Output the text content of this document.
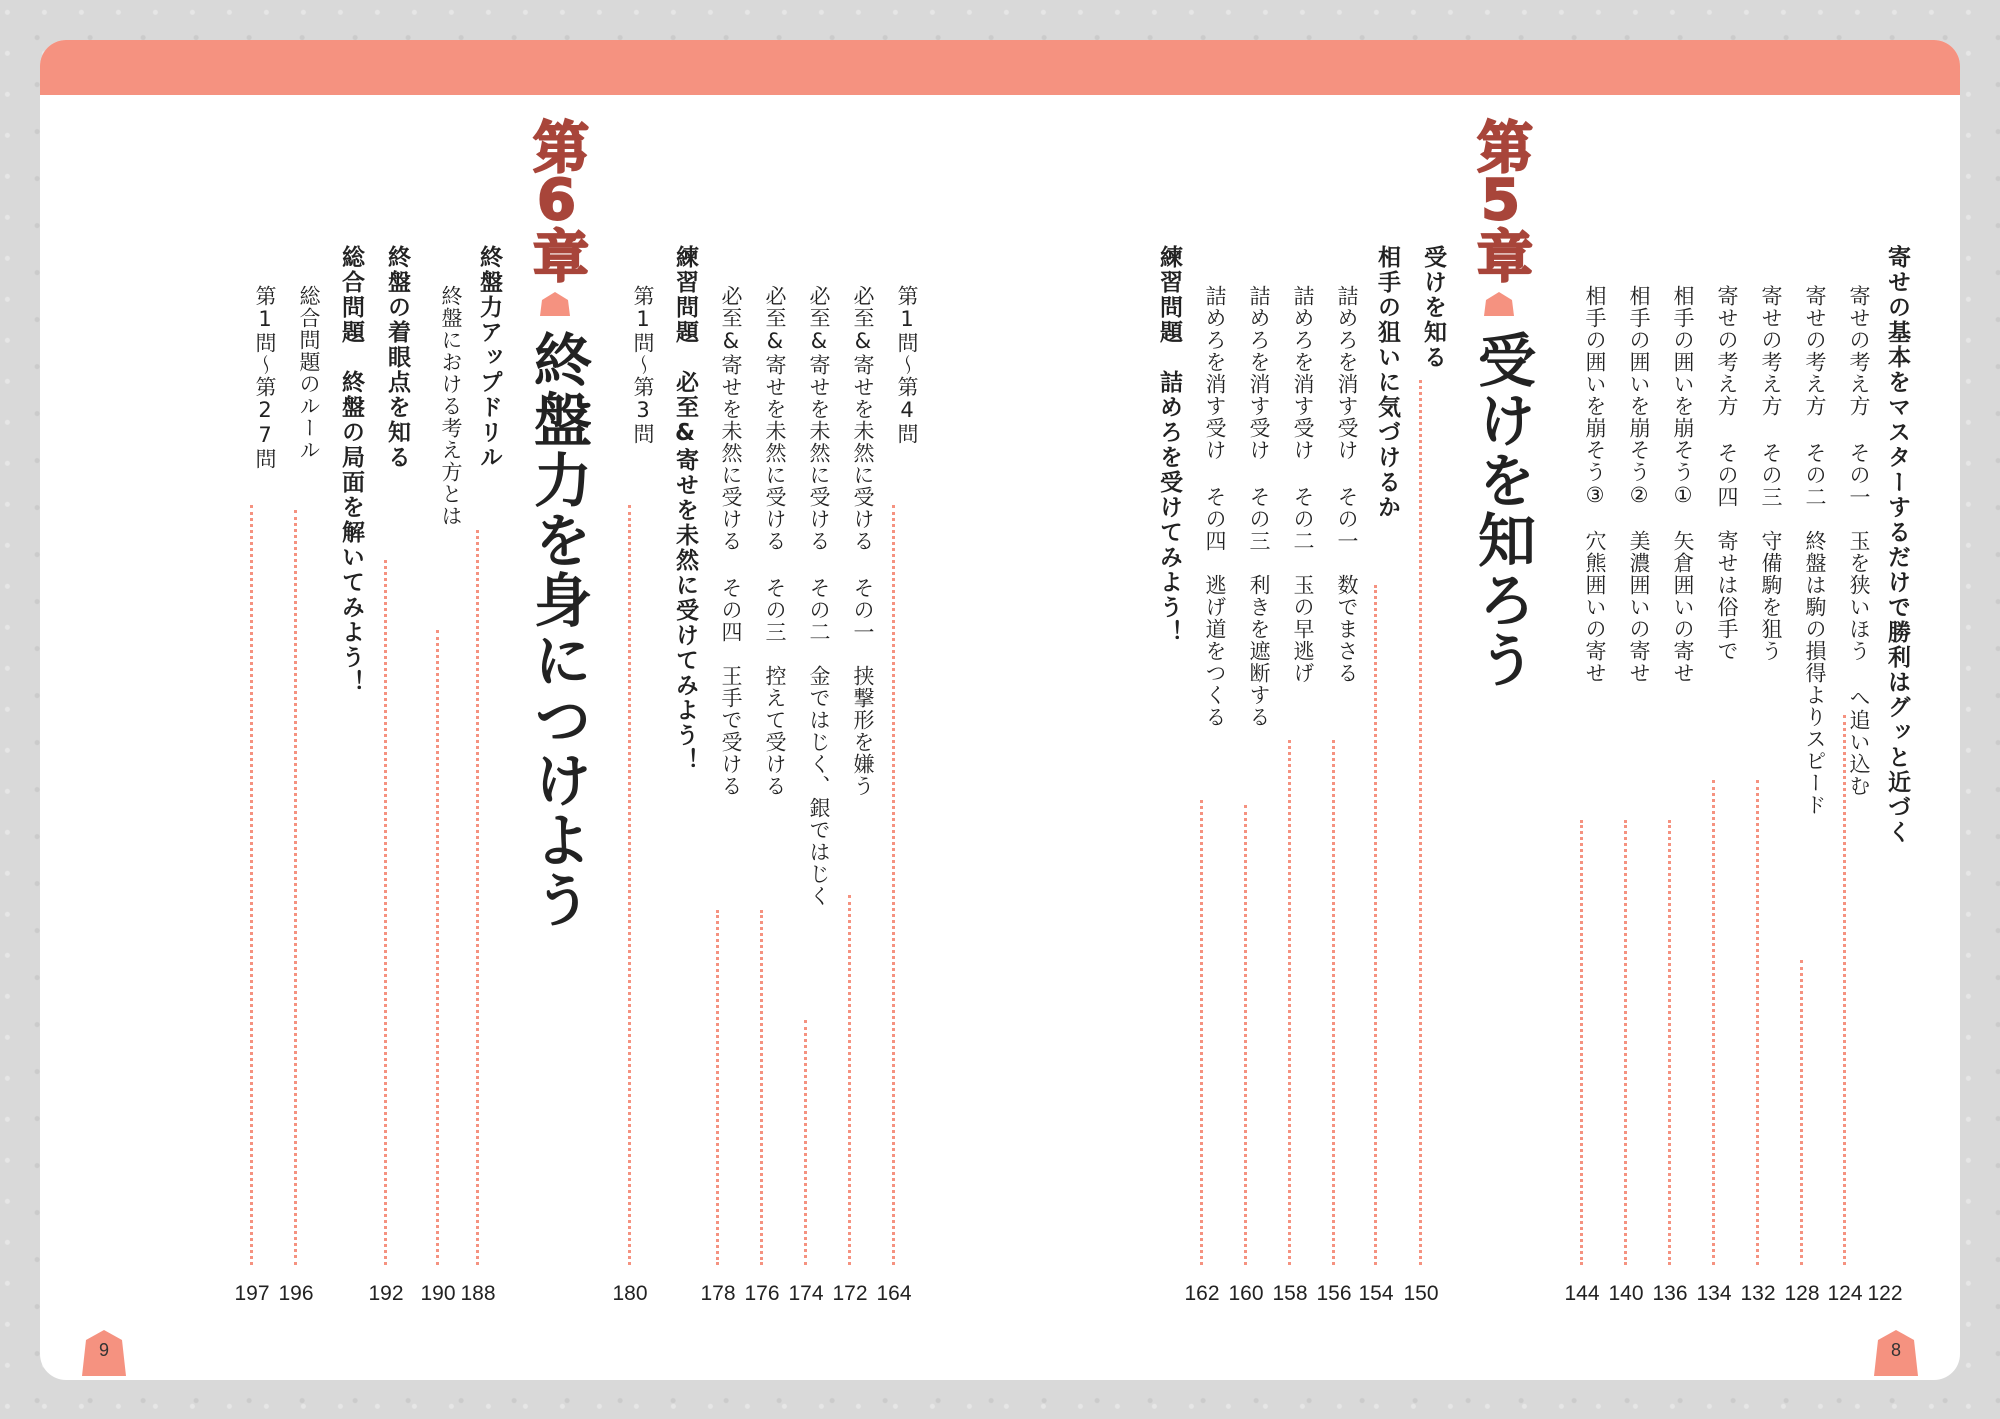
寄せの基本をマスターするだけで勝利はグッと近づく
122
寄せの考え方 その一　玉を狭いほう へ追い込む
124
寄せの考え方 その二　終盤は駒の損得よりスピード
128
寄せの考え方 その三　守備駒を狙う
132
寄せの考え方 その四　寄せは俗手で
134
相手の囲いを崩そう①　矢倉囲いの寄せ
136
相手の囲いを崩そう②　美濃囲いの寄せ
140
相手の囲いを崩そう③　穴熊囲いの寄せ
144
第5章
受けを知ろう
受けを知る
150
相手の狙いに気づけるか
154
詰めろを消す受け その一　数でまさる
156
詰めろを消す受け その二　玉の早逃げ
158
詰めろを消す受け その三　利きを遮断する
160
詰めろを消す受け その四　逃げ道をつくる
162
練習問題　詰めろを受けてみよう！
8
第1問～第4問
164
必至&寄せを未然に受ける その一　挟撃形を嫌う
172
必至&寄せを未然に受ける その二　金ではじく、銀ではじく
174
必至&寄せを未然に受ける その三　控えて受ける
176
必至&寄せを未然に受ける その四　王手で受ける
178
練習問題　必至&寄せを未然に受けてみよう！
第1問～第3問
180
第6章
終盤力を身につけよう
終盤力アップドリル
188
終盤における考え方とは
190
終盤の着眼点を知る
192
総合問題　終盤の局面を解いてみよう！
総合問題のルール
196
第1問～第27問
197
9
